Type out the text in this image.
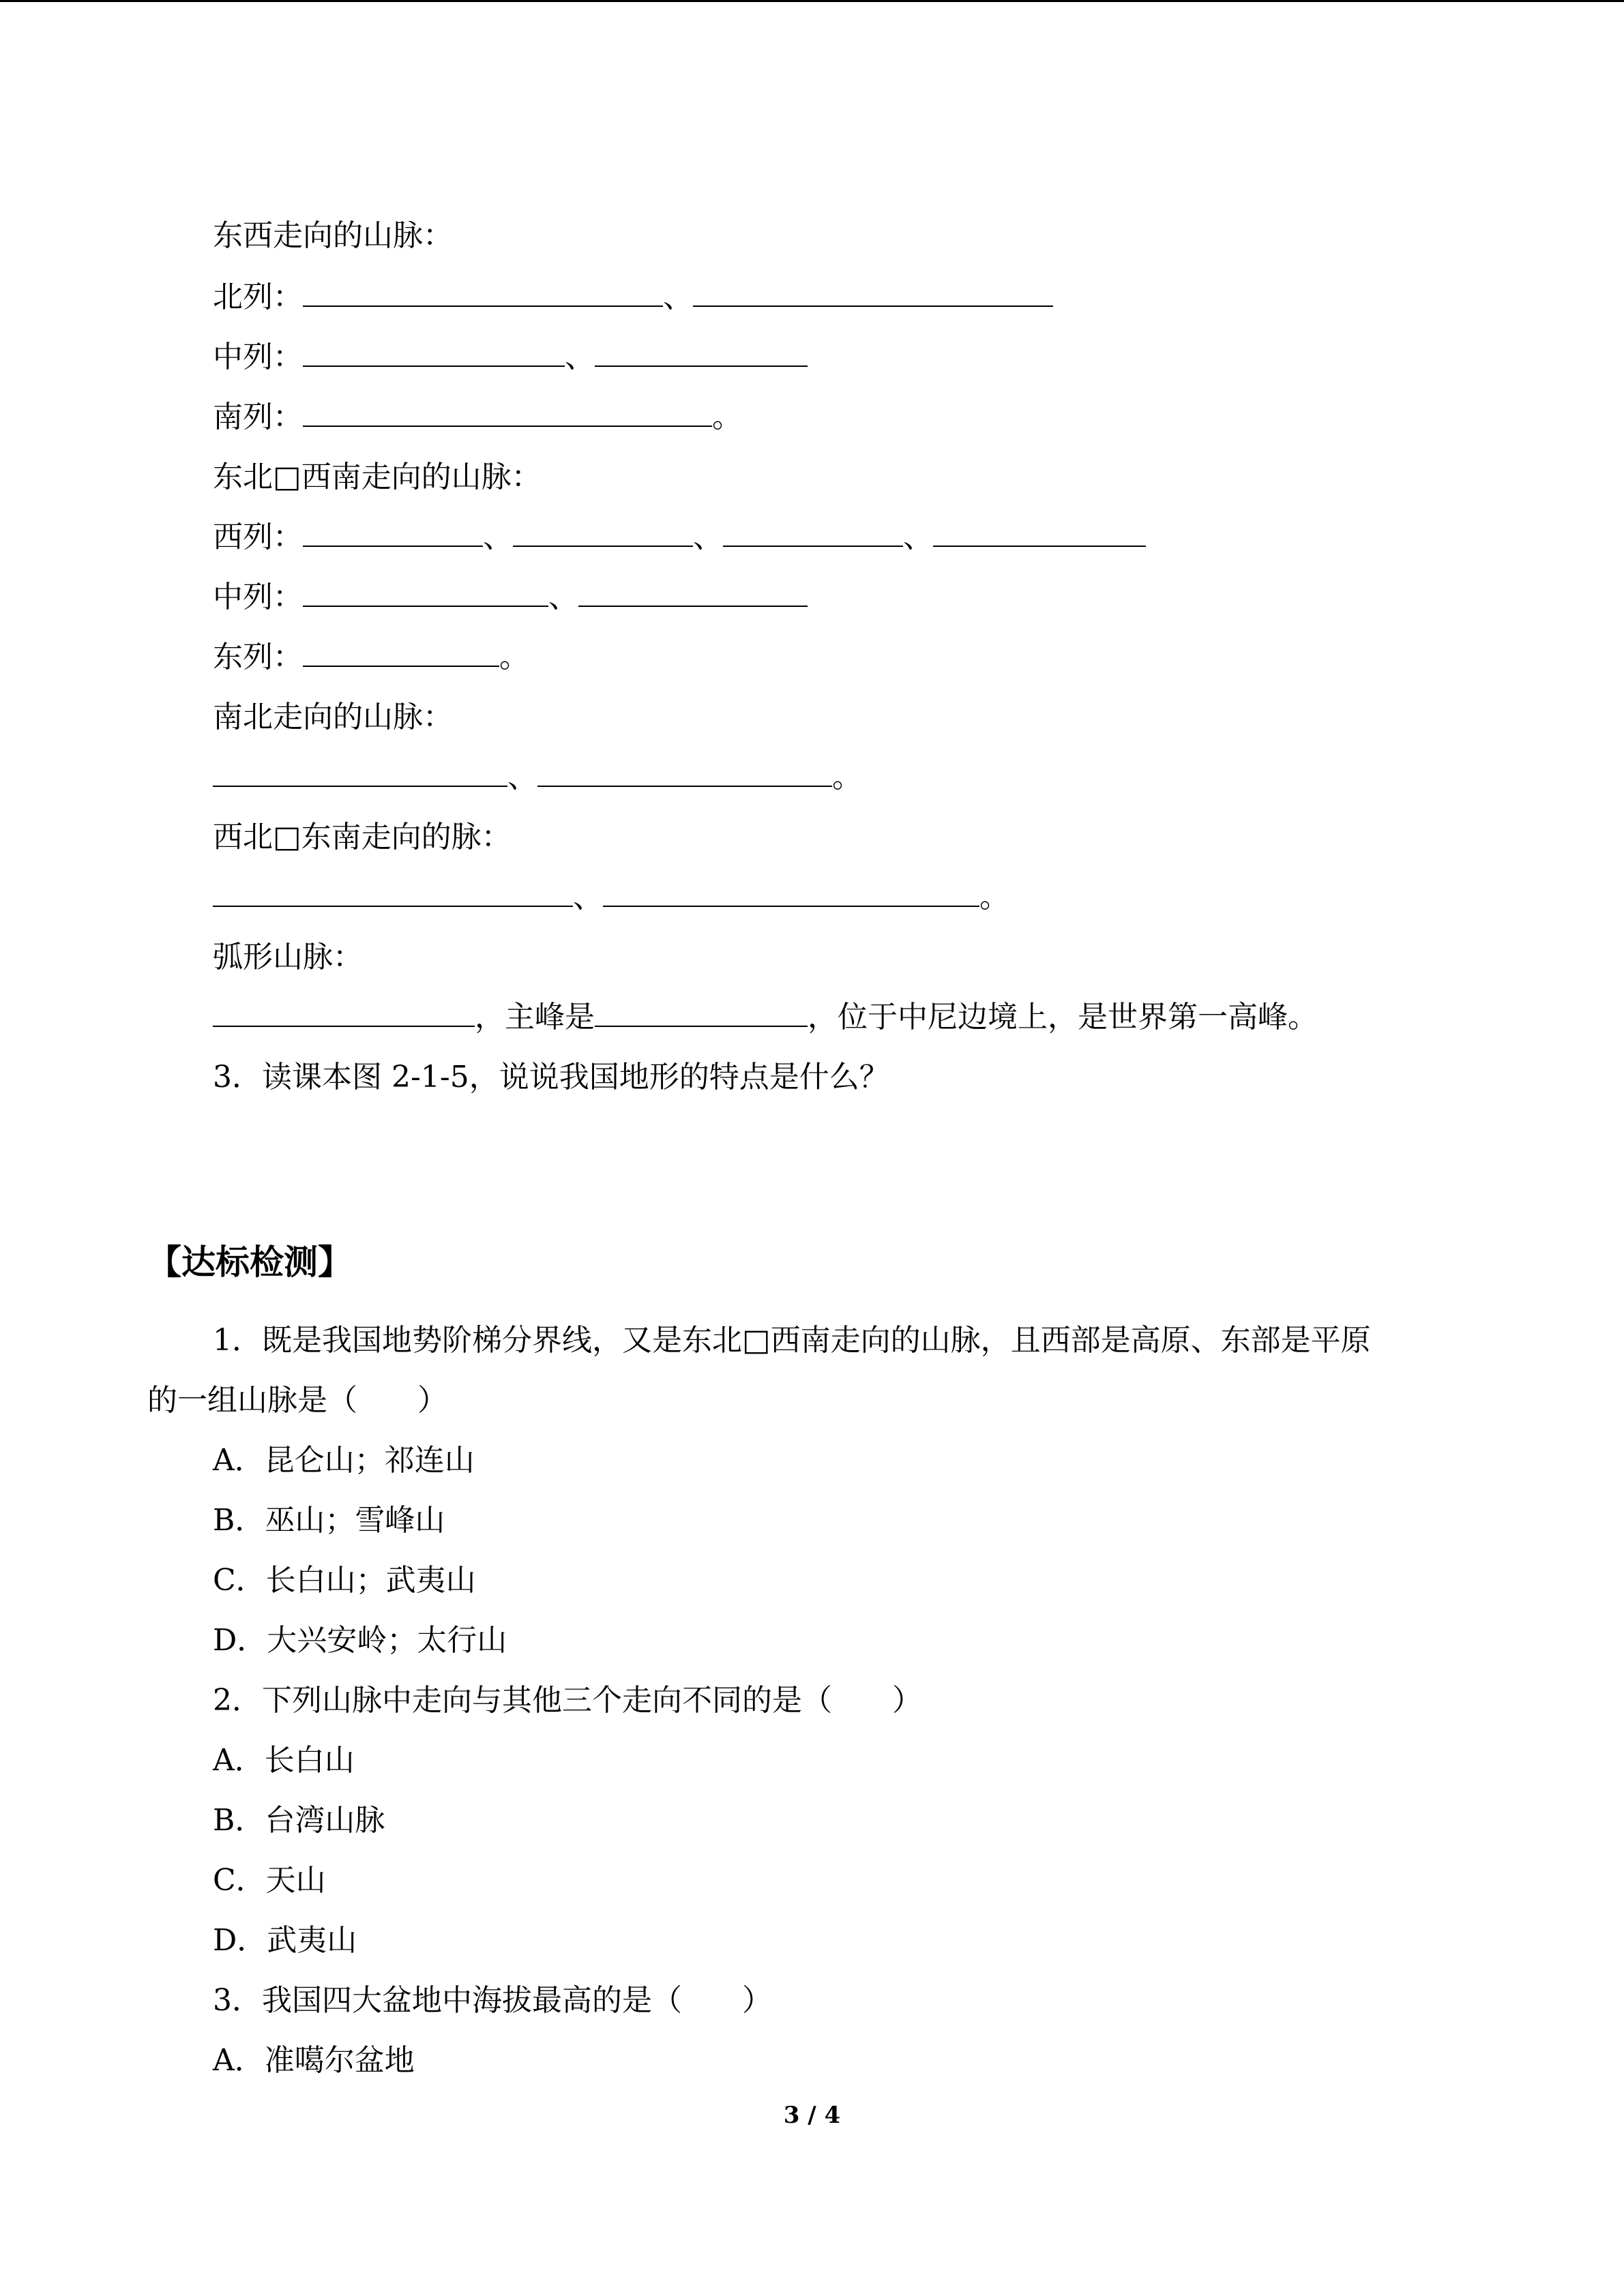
东西走向的山脉：
北列：	、
中列：	、
南列：	。
东北□西南走向的山脉：
西列：	、	、	、
中列：	、
东列：	。
南北走向的山脉：
、	。
西北□东南走向的脉：
、	。
弧形山脉：
，主峰是	，位于中尼边境上，是世界第一高峰。
3．读课本图 2-1-5，说说我国地形的特点是什么？
【达标检测】
1．既是我国地势阶梯分界线，又是东北□西南走向的山脉，且西部是高原、东部是平原
的一组山脉是（　　）
A．昆仑山；祁连山
B．巫山；雪峰山
C．长白山；武夷山
D．大兴安岭；太行山
2．下列山脉中走向与其他三个走向不同的是（　　）
A．长白山
B．台湾山脉
C．天山
D．武夷山
3．我国四大盆地中海拔最高的是（　　）
A．准噶尔盆地
3 / 4
